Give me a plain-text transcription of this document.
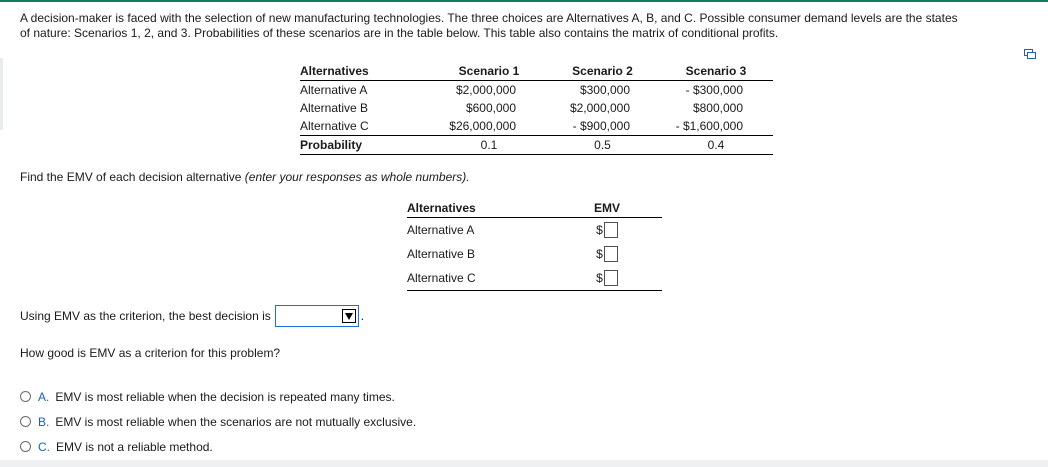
A decision-maker is faced with the selection of new manufacturing technologies. The three choices are Alternatives A, B, and C. Possible consumer demand levels are the states
of nature: Scenarios 1, 2, and 3. Probabilities of these scenarios are in the table below. This table also contains the matrix of conditional profits.
Alternatives	Scenario 1	Scenario 2	Scenario 3
Alternative A	$2,000,000	$300,000	- $300,000
Alternative B	$600,000	$2,000,000	$800,000
Alternative C	$26,000,000	- $900,000	- $1,600,000
Probability	0.1	0.5	0.4
Find the EMV of each decision alternative (enter your responses as whole numbers).
Alternatives	EMV
Alternative A	$

Alternative B	$

Alternative C	$
Using EMV as the criterion, the best decision is	.
How good is EMV as a criterion for this problem?
A. EMV is most reliable when the decision is repeated many times.
B. EMV is most reliable when the scenarios are not mutually exclusive.
C. EMV is not a reliable method.
